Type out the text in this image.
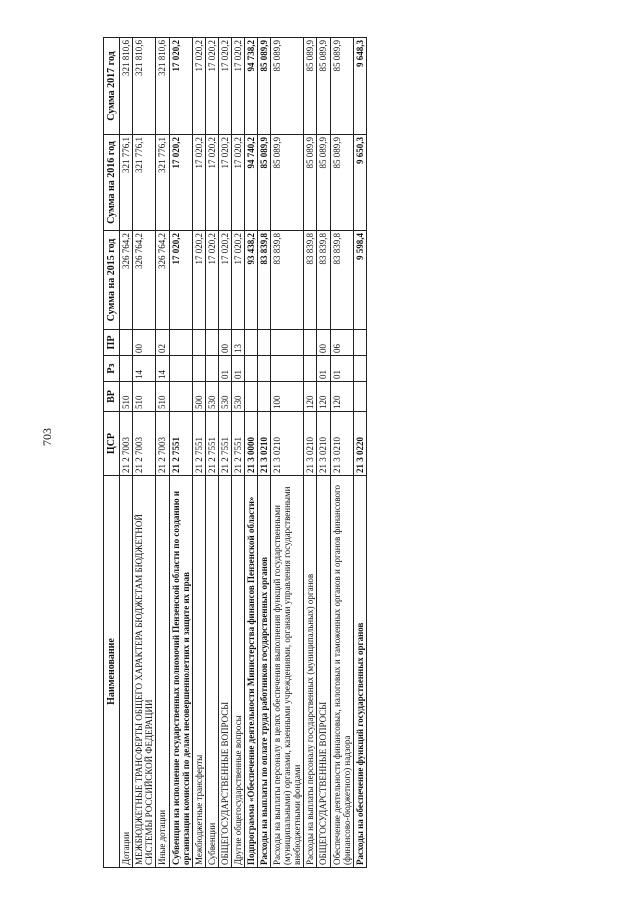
703
Наименование	ЦСР	ВР	Рз	ПР	Сумма на 2015 год	Сумма на 2016 год	Сумма 2017 год
Дотации	21 2 7003	510			326 764,2	321 776,1	321 810,6
МЕЖБЮДЖЕТНЫЕ ТРАНСФЕРТЫ ОБЩЕГО ХАРАКТЕРА БЮДЖЕТАМ БЮДЖЕТНОЙ СИСТЕМЫ РОССИЙСКОЙ ФЕДЕРАЦИИ	21 2 7003	510	14	00	326 764,2	321 776,1	321 810,6
Иные дотации	21 2 7003	510	14	02	326 764,2	321 776,1	321 810,6
Субвенции на исполнение государственных полномочий Пензенской области по созданию и организации комиссий по делам несовершеннолетних и защите их прав	21 2 7551				17 020,2	17 020,2	17 020,2
Межбюджетные трансферты	21 2 7551	500			17 020,2	17 020,2	17 020,2
Субвенции	21 2 7551	530			17 020,2	17 020,2	17 020,2
ОБЩЕГОСУДАРСТВЕННЫЕ ВОПРОСЫ	21 2 7551	530	01	00	17 020,2	17 020,2	17 020,2
Другие общегосударственные вопросы	21 2 7551	530	01	13	17 020,2	17 020,2	17 020,2
Подпрограмма «Обеспечение деятельности Министерства финансов Пензенской области»	21 3 0000				93 438,2	94 740,2	94 738,2
Расходы на выплаты по оплате труда работников государственных органов	21 3 0210				83 839,8	85 089,9	85 089,9
Расходы на выплаты персоналу в целях обеспечения выполнения функций государственными (муниципальными) органами, казенными учреждениями, органами управления государственными внебюджетными фондами	21 3 0210	100			83 839,8	85 089,9	85 089,9
Расходы на выплаты персоналу государственных (муниципальных) органов	21 3 0210	120			83 839,8	85 089,9	85 089,9
ОБЩЕГОСУДАРСТВЕННЫЕ ВОПРОСЫ	21 3 0210	120	01	00	83 839,8	85 089,9	85 089,9
Обеспечение деятельности финансовых, налоговых и таможенных органов и органов финансового (финансово-бюджетного) надзора	21 3 0210	120	01	06	83 839,8	85 089,9	85 089,9
Расходы на обеспечение функций государственных органов	21 3 0220				9 598,4	9 650,3	9 648,3
